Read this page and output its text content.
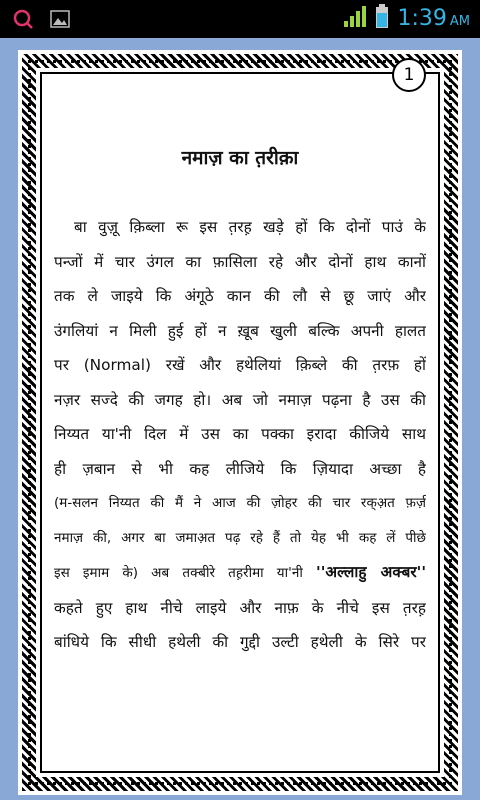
1:39 AM
1
नमाज़ का त़रीक़ा
बा वुज़ू क़िब्ला रू इस त़रह़ खड़े हों कि दोनों पाउं के
पन्जों में चार उंगल का फ़ासिला रहे और दोनों हाथ कानों
तक ले जाइये कि अंगूठे कान की लौ से छू जाएं और
उंगलियां न मिली हुई हों न ख़ूब खुली बल्कि अपनी हालत
पर (Normal) रखें और हथेलियां क़िब्ले की त़रफ़ हों
नज़र सज्दे की जगह हो। अब जो नमाज़ पढ़ना है उस की
निय्यत या'नी दिल में उस का पक्का इरादा कीजिये साथ
ही ज़बान से भी कह लीजिये कि ज़ियादा अच्छा है
(म-सलन निय्यत की मैं ने आज की ज़ोहर की चार रक्अ़त फ़र्ज़
नमाज़ की, अगर बा जमाअ़त पढ़ रहे हैं तो येह भी कह लें पीछे
इस इमाम के) अब तक्बीरे तह़रीमा या'नी ''अल्लाहु अक्बर''
कहते हुए हाथ नीचे लाइये और नाफ़ के नीचे इस त़रह़
बांधिये कि सीधी हथेली की गुद्दी उल्टी हथेली के सिरे पर
